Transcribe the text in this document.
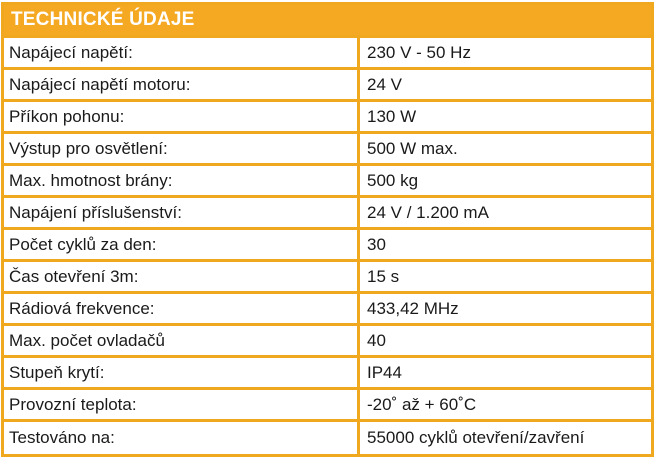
TECHNICKÉ ÚDAJE
Napájecí napětí:	230 V - 50 Hz
Napájecí napětí motoru:	24 V
Příkon pohonu:	130 W
Výstup pro osvětlení:	500 W max.
Max. hmotnost brány:	500 kg
Napájení příslušenství:	24 V / 1.200 mA
Počet cyklů za den:	30
Čas otevření 3m:	15 s
Rádiová frekvence:	433,42 MHz
Max. počet ovladačů	40
Stupeň krytí:	IP44
Provozní teplota:	-20˚ až + 60˚C
Testováno na:	55000 cyklů otevření/zavření
